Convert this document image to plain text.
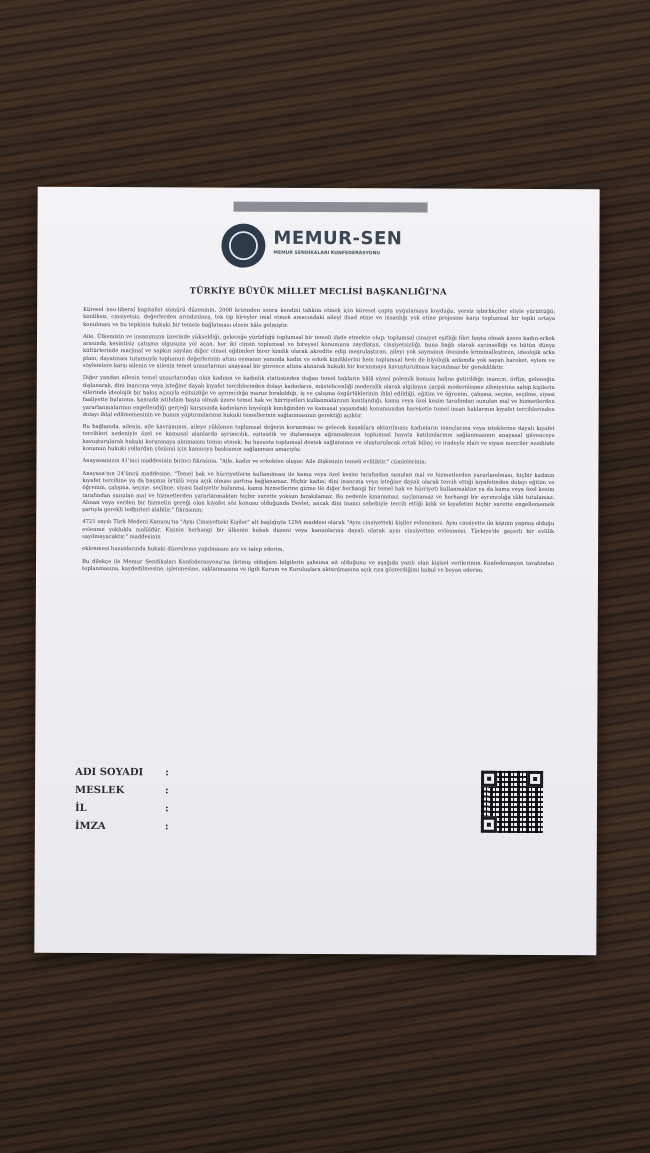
MEMUR-SEN
MEMUR SENDİKALARI KONFEDERASYONU
TÜRKİYE BÜYÜK MİLLET MECLİSİ BAŞKANLIĞI'NA

Küresel neo-liberal kapitalist sömürü düzeninin, 2008 krizinden sonra kendini tahkim etmek için küresel çapta uygulamaya koyduğu, yersiz işbirlikçiler eliyle yürüttüğü; kimliksiz, cinsiyetsiz, değerlerden arındırılmış, tek tip bireyler imal etmek amacındaki aileyi ifsad etme ve insanlığı yok etme projesine karşı toplumsal bir tepki ortaya konulması ve bu tepkinin hukuki bir temele bağlatması elzem hâle gelmiştir.

Aile, Ülkemizin ve insanımızın üzerinde yükseldiği, geleceğe yürüdüğü toplumsal bir temeli ifade etmekte olup; toplumsal cinsiyet eşitliği fikri başta olmak üzere kadın-erkek arasında kesintisiz çatışma olgusuna yol açan, her iki cinsin toplumsal ve bireysel konumunu zayıflatan, cinsiyetsizliği, buna bağlı olarak eşcinselliği ve bütün dünya kültürlerinde marjinal ve sapkın sayılan diğer cinsel eğilimleri birer kimlik olarak akredite edip meşrulaştıran, aileyi yok saymanın ötesinde kriminalleştiren, ideolojik arka planı, dayatması tutumuyla toplumun değerlerinin altını oymanın yanında kadın ve erkek kimliklerini hem toplumsal hem de biyolojik anlamda yok sayan hareket, eylem ve söylemlere karşı ailenin ve ailenin temel unsurlarının anayasal bir güvence altına alınarak hukuki bir korunmaya kavuşturulması kaçınılmaz bir gerekliliktir.

Diğer yandan ailenin temel unsurlarından olan kadının ve kadınlık statüsünden doğan temel hakların hâlâ siyasi polemik konusu haline getirildiği; inancın, örfün, geleneğin dışlanarak, dini inancına veya isteğine dayalı kıyafet tercihlerinden dolayı kadınların, müstehcenliği moderalik olarak algılayan çarpık modernleşme zihniyetine sahip kişilerin ellerinde ideolojik bir bakış açısıyla eşitsizliğe ve ayrımcılığa maruz bırakıldığı, iş ve çalışma özgürlüklerinin ihlal edildiği, eğitim ve öğrenim, çalışma, seçme, seçilme, siyasi faaliyette bulunma, kamuda istihdam başta olmak üzere temel hak ve hürriyetleri kullanmalarının kısıtlandığı, kamu veya özel kesim tarafından sunulan mal ve hizmetlerden yararlanmalarının engellendiği gerçeği karşısında kadınların biyolojik kimliğinden ve kamusal yaşamdaki konumundan hareketle temel insan haklarının kıyafet tercihlerinden dolayı ihlal edilmemesinin ve bunun yaptırımlarının hukuki temellerinin sağlanmasının gerektiği açıktır.

Bu bağlamda, ailenin, aile kavramının, aileye yüklenen toplumsal değerin korunması ve gelecek kuşaklara aktarılması; kadınların inançlarına veya isteklerine dayalı kıyafet tercihleri nedeniyle özel ve kamusal alanlarda ayrımcılık, eşitsizlik ve dışlanmaya uğramaksızın toplumsal hayata katılımlarının sağlanmasının anayasal güvenceye kavuşturularak hukuki korunmaya alınmasını temin etmek; bu hususta toplumsal destek sağlanması ve oluşturulacak ortak bilinç ve iradeyle idari ve siyasi merciler nezdinde konunun hukuki yollardan çözümü için kamuoyu baskısının sağlanması amacıyla;

Anayasamızın 41'inci maddesinin birinci fıkrasına, "Aile, kadın ve erkekten oluşur. Aile ilişkisinin temeli evliliktir." cümlelerinin;

Anayasa'nın 24'üncü maddesine, "Temel hak ve hürriyetlerin kullanılması ile kamu veya özel kesim tarafından sunulan mal ve hizmetlerden yararlanılması, hiçbir kadının kıyafet tercihine ya da başının örtülü veya açık olması şartına bağlanamaz. Hiçbir kadın; dini inancına veya isteğine dayalı olarak tercih ettiği kıyafetinden dolayı eğitim ve öğrenim, çalışma, seçme, seçilme, siyasi faaliyette bulunma, kamu hizmetlerine girme ile diğer herhangi bir temel hak ve hürriyeti kullanmaktan ya da kamu veya özel kesim tarafından sunulan mal ve hizmetlerden yararlanmaktan hiçbir surette yoksun bırakılamaz. Bu nedenle kınanamaz, suçlanamaz ve herhangi bir ayrımcılığa tâbi tutulamaz. Alınan veya verilen bir hizmetin gereği olan kıyafet söz konusu olduğunda Devlet, ancak dini inancı sebebiyle tercih ettiği kılık ve kıyafetini hiçbir surette engellememek şartıyla gerekli tedbirleri alabilir." fıkrasının;

4721 sayılı Türk Medeni Kanunu'na "Aynı Cinsiyetteki Kişiler" alt başlığıyla 129A maddesi olarak "Aynı cinsiyetteki kişiler evlenemez. Aynı cinsiyette iki kişinin yapmış olduğu evlenme yokluklu malüldür. Kişinin herhangi bir ülkenin hukuk düzeni veya kanunlarına dayalı olarak aynı cinsiyetten evlenmesi, Türkiye'de geçerli bir evlilik sayılmayacaktır." maddesinin

eklenmesi hususlarında hukuki düzenleme yapılmasını arz ve talep ederim.

Bu dilekçe ile Memur Sendikaları Konfederasyonu'na iletmiş olduğum bilgilerin şahsıma ait olduğunu ve aşağıda yazılı olan kişisel verilerimin Konfederasyon tarafından toplanmasına, kaydedilmesine, işlenmesine, saklanmasına ve ilgili Kurum ve Kuruluşlara aktarılmasına açık rıza gösterdiğimi kabul ve beyan ederim.

ADI SOYADI :
MESLEK	:
İL	:
İMZA	:
